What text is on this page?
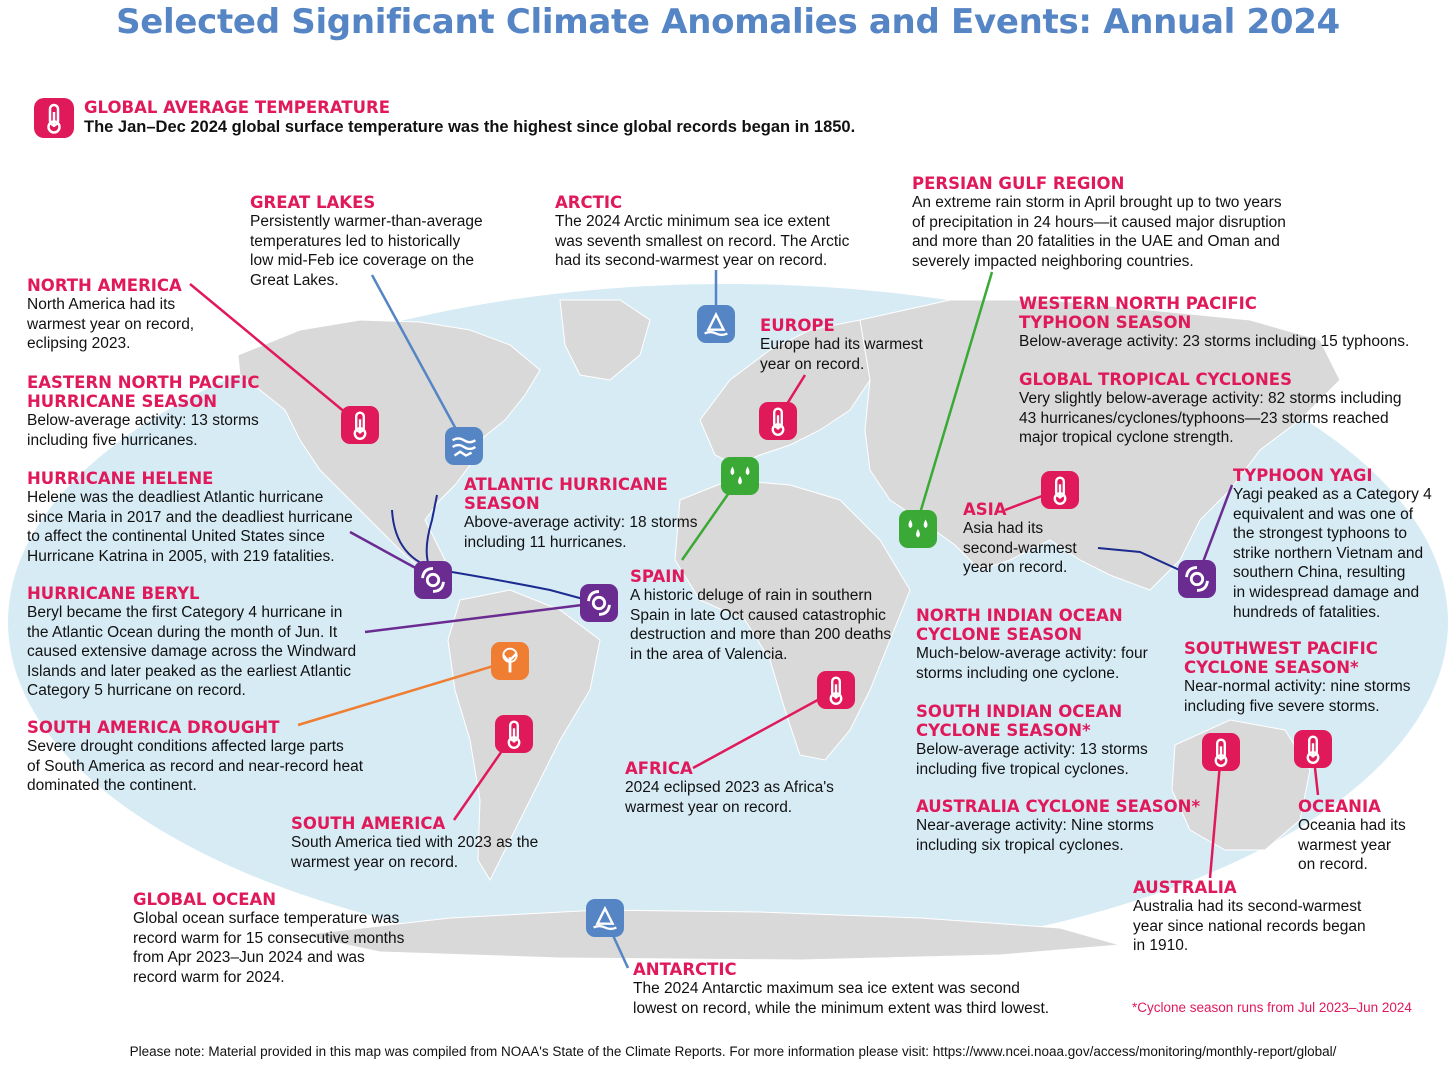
Selected Significant Climate Anomalies and Events: Annual 2024
GLOBAL AVERAGE TEMPERATURE
The Jan–Dec 2024 global surface temperature was the highest since global records began in 1850.
NORTH AMERICA
North America had its
warmest year on record,
eclipsing 2023.
EASTERN NORTH PACIFIC
HURRICANE SEASON
Below-average activity: 13 storms
including five hurricanes.
HURRICANE HELENE
Helene was the deadliest Atlantic hurricane
since Maria in 2017 and the deadliest hurricane
to affect the continental United States since
Hurricane Katrina in 2005, with 219 fatalities.
HURRICANE BERYL
Beryl became the first Category 4 hurricane in
the Atlantic Ocean during the month of Jun. It
caused extensive damage across the Windward
Islands and later peaked as the earliest Atlantic
Category 5 hurricane on record.
SOUTH AMERICA DROUGHT
Severe drought conditions affected large parts
of South America as record and near-record heat
dominated the continent.
SOUTH AMERICA
South America tied with 2023 as the
warmest year on record.
GLOBAL OCEAN
Global ocean surface temperature was
record warm for 15 consecutive months
from Apr 2023–Jun 2024 and was
record warm for 2024.
GREAT LAKES
Persistently warmer-than-average
temperatures led to historically
low mid-Feb ice coverage on the
Great Lakes.
ARCTIC
The 2024 Arctic minimum sea ice extent
was seventh smallest on record. The Arctic
had its second-warmest year on record.
ATLANTIC HURRICANE
SEASON
Above-average activity: 18 storms
including 11 hurricanes.
EUROPE
Europe had its warmest
year on record.
SPAIN
A historic deluge of rain in southern
Spain in late Oct caused catastrophic
destruction and more than 200 deaths
in the area of Valencia.
AFRICA
2024 eclipsed 2023 as Africa's
warmest year on record.
ANTARCTIC
The 2024 Antarctic maximum sea ice extent was second
lowest on record, while the minimum extent was third lowest.
PERSIAN GULF REGION
An extreme rain storm in April brought up to two years
of precipitation in 24 hours—it caused major disruption
and more than 20 fatalities in the UAE and Oman and
severely impacted neighboring countries.
WESTERN NORTH PACIFIC
TYPHOON SEASON
Below-average activity: 23 storms including 15 typhoons.
GLOBAL TROPICAL CYCLONES
Very slightly below-average activity: 82 storms including
43 hurricanes/cyclones/typhoons—23 storms reached
major tropical cyclone strength.
ASIA
Asia had its
second-warmest
year on record.
TYPHOON YAGI
Yagi peaked as a Category 4
equivalent and was one of
the strongest typhoons to
strike northern Vietnam and
southern China, resulting
in widespread damage and
hundreds of fatalities.
NORTH INDIAN OCEAN
CYCLONE SEASON
Much-below-average activity: four
storms including one cyclone.
SOUTH INDIAN OCEAN
CYCLONE SEASON*
Below-average activity: 13 storms
including five tropical cyclones.
AUSTRALIA CYCLONE SEASON*
Near-average activity: Nine storms
including six tropical cyclones.
SOUTHWEST PACIFIC
CYCLONE SEASON*
Near-normal activity: nine storms
including five severe storms.
OCEANIA
Oceania had its
warmest year
on record.
AUSTRALIA
Australia had its second-warmest
year since national records began
in 1910.
*Cyclone season runs from Jul 2023–Jun 2024
Please note: Material provided in this map was compiled from NOAA's State of the Climate Reports. For more information please visit: https://www.ncei.noaa.gov/access/monitoring/monthly-report/global/
